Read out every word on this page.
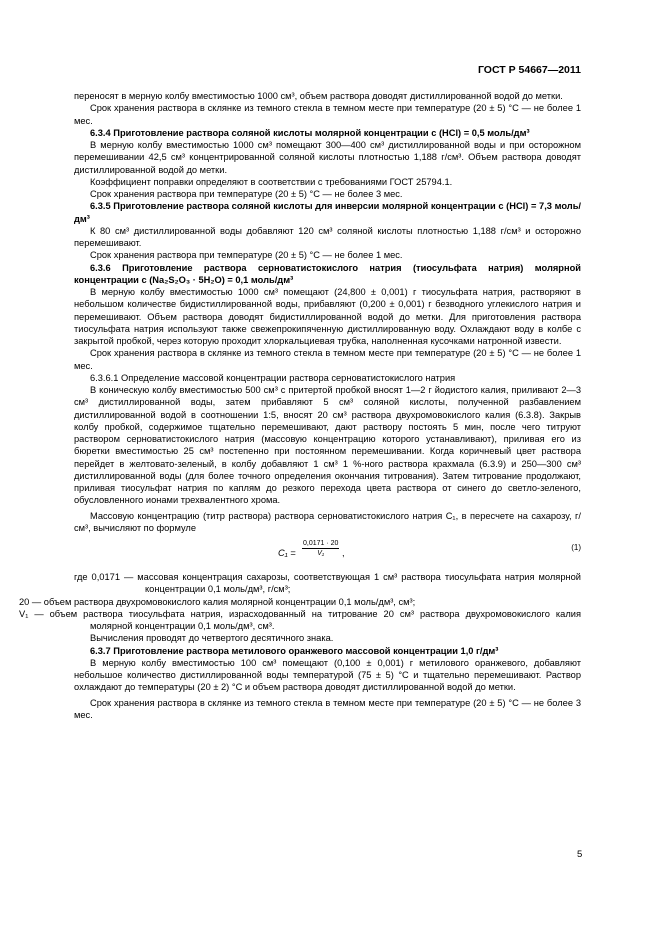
ГОСТ Р 54667—2011

переносят в мерную колбу вместимостью 1000 см³, объем раствора доводят дистиллированной водой до метки.

Срок хранения раствора в склянке из темного стекла в темном месте при температуре (20 ± 5) °С — не более 1 мес.

6.3.4 Приготовление раствора соляной кислоты молярной концентрации c (HCl) = 0,5 моль/дм³

В мерную колбу вместимостью 1000 см³ помещают 300—400 см³ дистиллированной воды и при осторожном перемешивании 42,5 см³ концентрированной соляной кислоты плотностью 1,188 г/см³. Объем раствора доводят дистиллированной водой до метки.

Коэффициент поправки определяют в соответствии с требованиями ГОСТ 25794.1.

Срок хранения раствора при температуре (20 ± 5) °С — не более 3 мес.

6.3.5 Приготовление раствора соляной кислоты для инверсии молярной концентрации c (HCl) = 7,3 моль/дм³

К 80 см³ дистиллированной воды добавляют 120 см³ соляной кислоты плотностью 1,188 г/см³ и осторожно перемешивают.

Срок хранения раствора при температуре (20 ± 5) °С — не более 1 мес.

6.3.6 Приготовление раствора серноватистокислого натрия (тиосульфата натрия) молярной концентрации c (Na₂S₂O₃ · 5H₂O) = 0,1 моль/дм³

В мерную колбу вместимостью 1000 см³ помещают (24,800 ± 0,001) г тиосульфата натрия, растворяют в небольшом количестве бидистиллированной воды, прибавляют (0,200 ± 0,001) г безводного углекислого натрия и перемешивают. Объем раствора доводят бидистиллированной водой до метки. Для приготовления раствора тиосульфата натрия используют также свежепрокипяченную дистиллированную воду. Охлаждают воду в колбе с закрытой пробкой, через которую проходит хлоркальциевая трубка, наполненная кусочками натронной извести.

Срок хранения раствора в склянке из темного стекла в темном месте при температуре (20 ± 5) °С — не более 1 мес.

6.3.6.1 Определение массовой концентрации раствора серноватистокислого натрия

В коническую колбу вместимостью 500 см³ с притертой пробкой вносят 1—2 г йодистого калия, приливают 2—3 см³ дистиллированной воды, затем прибавляют 5 см³ соляной кислоты, полученной разбавлением дистиллированной водой в соотношении 1:5, вносят 20 см³ раствора двухромовокислого калия (6.3.8). Закрыв колбу пробкой, содержимое тщательно перемешивают, дают раствору постоять 5 мин, после чего титруют раствором серноватистокислого натрия (массовую концентрацию которого устанавливают), приливая его из бюретки вместимостью 25 см³ постепенно при постоянном перемешивании. Когда коричневый цвет раствора перейдет в желтовато-зеленый, в колбу добавляют 1 см³ 1 %-ного раствора крахмала (6.3.9) и 250—300 см³ дистиллированной воды (для более точного определения окончания титрования). Затем титрование продолжают, приливая тиосульфат натрия по каплям до резкого перехода цвета раствора от синего до светло-зеленого, обусловленного ионами трехвалентного хрома.

Массовую концентрацию (титр раствора) раствора серноватистокислого натрия C₁, в пересчете на сахарозу, г/см³, вычисляют по формуле

$C_1 = \frac{0,0171 \cdot 20}{\text{V₁}}$ ,
(1)

где 0,0171 — массовая концентрация сахарозы, соответствующая 1 см³ раствора тиосульфата натрия молярной концентрации 0,1 моль/дм³, г/см³;

20 — объем раствора двухромовокислого калия молярной концентрации 0,1 моль/дм³, см³;

V₁ — объем раствора тиосульфата натрия, израсходованный на титрование 20 см³ раствора двухромовокислого калия молярной концентрации 0,1 моль/дм³, см³.

Вычисления проводят до четвертого десятичного знака.

6.3.7 Приготовление раствора метилового оранжевого массовой концентрации 1,0 г/дм³

В мерную колбу вместимостью 100 см³ помещают (0,100 ± 0,001) г метилового оранжевого, добавляют небольшое количество дистиллированной воды температурой (75 ± 5) °С и тщательно перемешивают. Раствор охлаждают до температуры (20 ± 2) °С и объем раствора доводят дистиллированной водой до метки.

Срок хранения раствора в склянке из темного стекла в темном месте при температуре (20 ± 5) °С — не более 3 мес.

5
